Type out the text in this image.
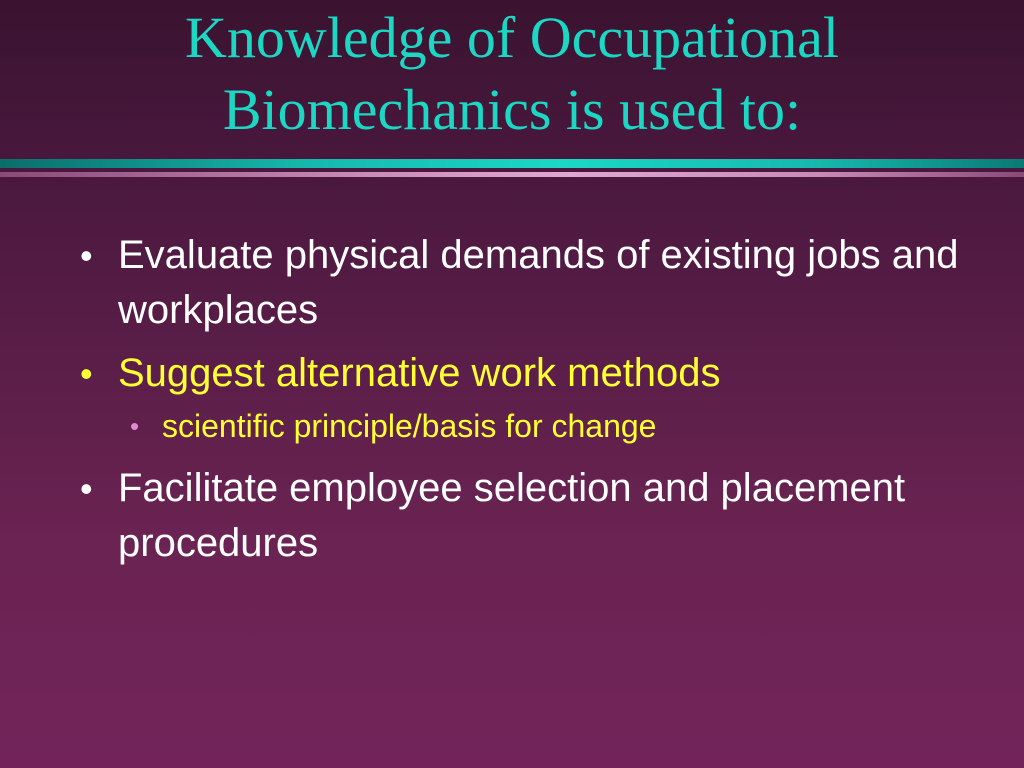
Knowledge of Occupational
Biomechanics is used to:
• Evaluate physical demands of existing jobs and workplaces
• Suggest alternative work methods
• scientific principle/basis for change
• Facilitate employee selection and placement procedures
